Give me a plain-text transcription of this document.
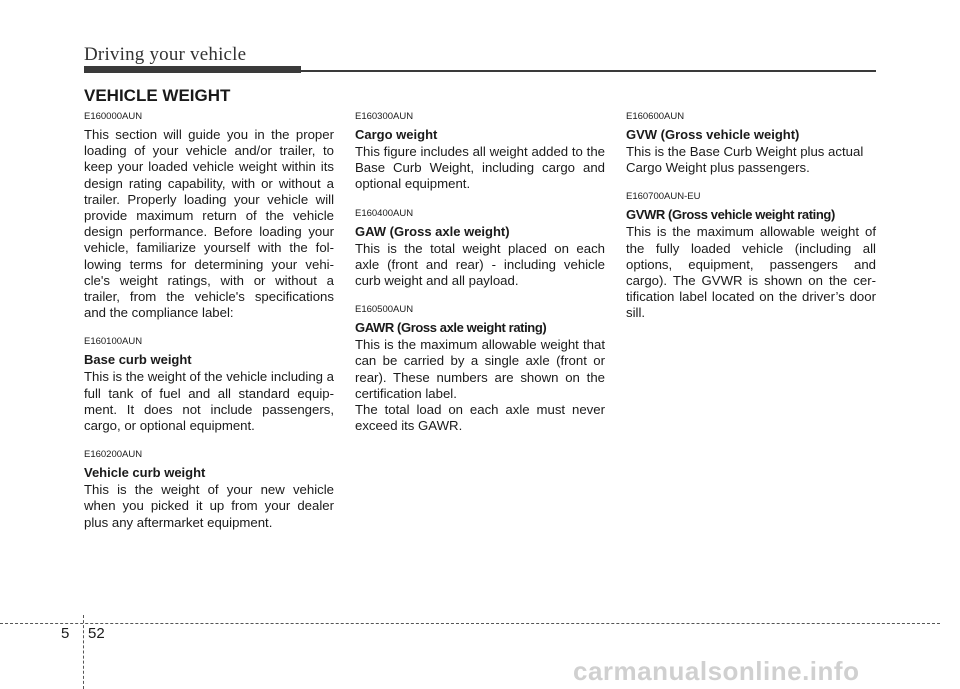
Driving your vehicle
VEHICLE WEIGHT

E160000AUN

This section will guide you in the proper loading of your vehicle and/or trailer, to keep your loaded vehicle weight within its design rating capability, with or without a trailer. Properly loading your vehicle will provide maximum return of the vehicle design performance. Before loading your vehicle, familiarize yourself with the fol-lowing terms for determining your vehi-cle's weight ratings, with or without a trailer, from the vehicle's specifications and the compliance label:

E160100AUN

Base curb weight

This is the weight of the vehicle including a full tank of fuel and all standard equip-ment. It does not include passengers, cargo, or optional equipment.

E160200AUN

Vehicle curb weight

This is the weight of your new vehicle when you picked it up from your dealer plus any aftermarket equipment.

E160300AUN

Cargo weight

This figure includes all weight added to the Base Curb Weight, including cargo and optional equipment.

E160400AUN

GAW (Gross axle weight)

This is the total weight placed on each axle (front and rear) - including vehicle curb weight and all payload.

E160500AUN

GAWR (Gross axle weight rating)

This is the maximum allowable weight that can be carried by a single axle (front or rear). These numbers are shown on the certification label.

The total load on each axle must never exceed its GAWR.

E160600AUN

GVW (Gross vehicle weight)

This is the Base Curb Weight plus actual Cargo Weight plus passengers.

E160700AUN-EU

GVWR (Gross vehicle weight rating)

This is the maximum allowable weight of the fully loaded vehicle (including all options, equipment, passengers and cargo). The GVWR is shown on the cer-tification label located on the driver’s door sill.

5 52
carmanualsonline.info
